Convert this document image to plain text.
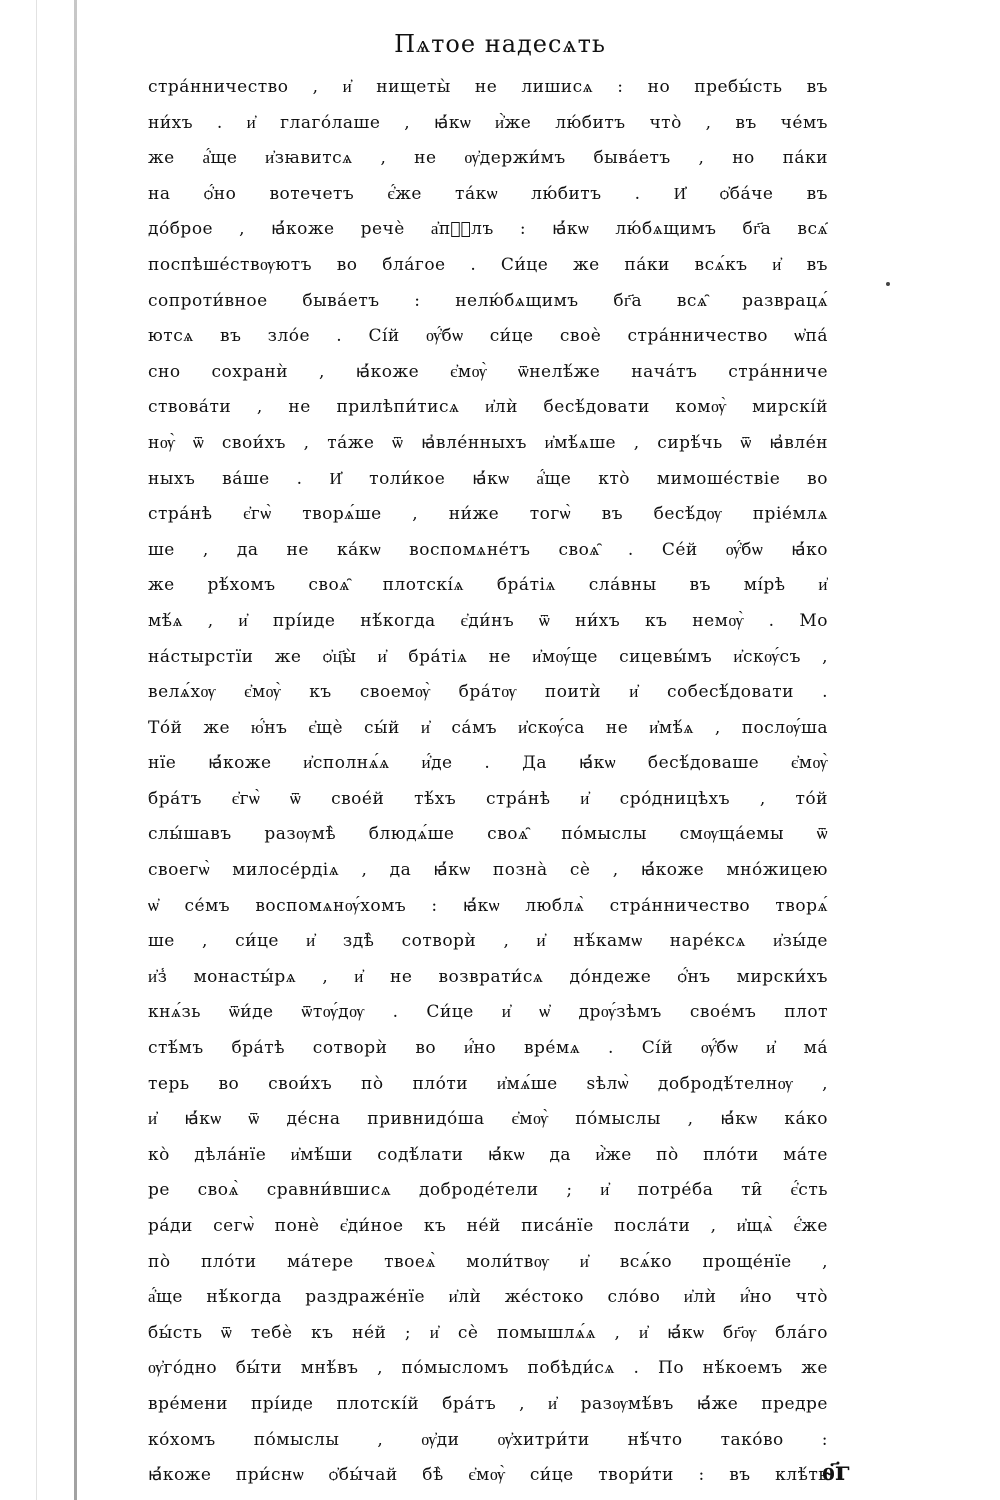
Пѧтое надесѧть
стра́нничество , и҆ нищеты̀ не лишисѧ : но пребы́сть въ
ни́хъ . и҆ глаго́лаше , ꙗ҆́кѡ и҆̀же лю́битъ что̀ , въ че́мъ
же а҆́ще и҆зꙗвитсѧ , не ѹ҆держи́мъ быва́етъ , но па́ки
на ѻ҆́но вотечетъ є҆́же та́кѡ лю́битъ . И҆ ѻ҆ба́че въ
до́брое , ꙗ҆́коже речѐ а҆пⷭ҇лъ : ꙗ҆́кѡ лю́бѧщимъ бг҃а всѧ̑
поспѣше́ствѹютъ во бла́гое . Си́це же па́ки всѧ́къ и҆ въ
сопроти́вное быва́етъ : нелю́бѧщимъ бг҃а всѧ̑ разврацѧ́
ютсѧ въ зло́е . Сі́й ѹ҆́бѡ си́це своѐ стра́нничество ѡ҆па́
сно сохранѝ , ꙗ҆́коже є҆мѹ̀ ѿнелѣ́же нача́тъ стра́нниче
ствова́ти , не прилѣпи́тисѧ и҆лѝ бесѣ́довати комѹ̀ мирскі́й
нѹ̀ ѿ свои́хъ , та́же ѿ ꙗ҆вле́нныхъ и҆мѣ́ѧше , сирѣ́чь ѿ ꙗ҆вле́н
ныхъ ва́ше . И҆ толи́кое ꙗ҆́кѡ а҆́ще кто̀ мимоше́ствіе во
стра́нѣ є҆гѡ̀ творѧ́ше , ни́же тогѡ̀ въ бесѣ́дѹ пріе́млѧ
ше , да не ка́кѡ воспомѧне́тъ своѧ̑ . Се́й ѹ҆́бѡ ꙗ҆́ко
же рѣ́хомъ своѧ̑ плотскі́ѧ бра́тіѧ сла́вны въ мі́рѣ и҆
мѣ́ѧ , и҆ прі́иде нѣ́когда є҆ди́нъ ѿ ни́хъ къ немѹ̀ . Мо
на́стырстїи же ѻ҆ц҃ы̀ и҆ бра́тіѧ не и҆мѹ́ще сицевы́мъ и҆скѹ́съ ,
велѧ́хѹ є҆мѹ̀ къ своемѹ̀ бра́тѹ поитѝ и҆ собесѣ́довати .
То́й же ю҆́нъ є҆щѐ сы́й и҆ са́мъ и҆скѹ́са не и҆мѣ́ѧ , послѹ́ша
нїе ꙗ҆́коже и҆сполнѧ́ѧ и҆́де . Да ꙗ҆́кѡ бесѣ́доваше є҆мѹ̀
бра́тъ є҆гѡ̀ ѿ свое́й тѣ́хъ стра́нѣ и҆ сро́дницѣхъ , то́й
слы́шавъ разѹмѣ̀ блюдѧ́ше своѧ̑ по́мыслы смѹща́емы ѿ
своегѡ̀ милосе́рдіѧ , да ꙗ҆́кѡ позна̀ сѐ , ꙗ҆́коже мно́жицею
ѡ҆ се́мъ воспомѧнѹ́хомъ : ꙗ҆́кѡ люблѧ̀ стра́нничество творѧ́
ше , си́це и҆ здѣ̀ сотворѝ , и҆ нѣ́камѡ наре́ксѧ и҆зы́де
и҆з̾ монасты́рѧ , и҆ не возврати́сѧ до́ндеже ѻ҆́нъ мирски́хъ
кнѧ́зь ѿи́де ѿтѹ́дѹ . Си́це и҆ ѡ҆ дрѹ́зѣмъ свое́мъ плот
стѣ́мъ бра́тѣ сотворѝ во и҆́но вре́мѧ . Сі́й ѹ҆́бѡ и҆ ма́
терь во свои́хъ по̀ пло́ти и҆мѧ́ше ѕѣлѡ̀ добродѣ́телнѹ ,
и҆ ꙗ҆́кѡ ѿ де́сна привнидо́ша є҆мѹ̀ по́мыслы , ꙗ҆́кѡ ка́ко
ко̀ дѣла́нїе и҆мѣ́ши содѣ́лати ꙗ҆́кѡ да и҆̀же по̀ пло́ти ма́те
ре своѧ̀ сравни́вшисѧ доброде́тели ; и҆ потре́ба ти̑ є҆́сть
ра́ди сегѡ̀ понѐ є҆ди́ное къ не́й писа́нїе посла́ти , и҆щѧ̀ є҆́же
по̀ пло́ти ма́тере твоеѧ̀ моли́твѹ и҆ всѧ́ко проще́нїе ,
а҆́ще нѣ́когда раздраже́нїе и҆лѝ же́стоко сло́во и҆лѝ и҆́но что̀
бы́сть ѿ тебѐ къ не́й ; и҆ сѐ помышлѧ́ѧ , и҆ ꙗ҆́кѡ бг҃ѹ бла́го
ѹ҆го́дно бы́ти мнѣ́въ , по́мысломъ побѣди́сѧ . По нѣ́коемъ же
вре́мени прі́иде плотскі́й бра́тъ , и҆ разѹмѣ́въ ꙗ҆́же предре
ко́хомъ по́мыслы , ѹ҆ди ѹ҆хитри́ти нѣ́что тако́во :
ꙗ҆́коже при́снѡ ѻ҆бы́чай бѣ̀ є҆мѹ̀ си́це твори́ти : въ клѣ́ть
ѳ҃г
